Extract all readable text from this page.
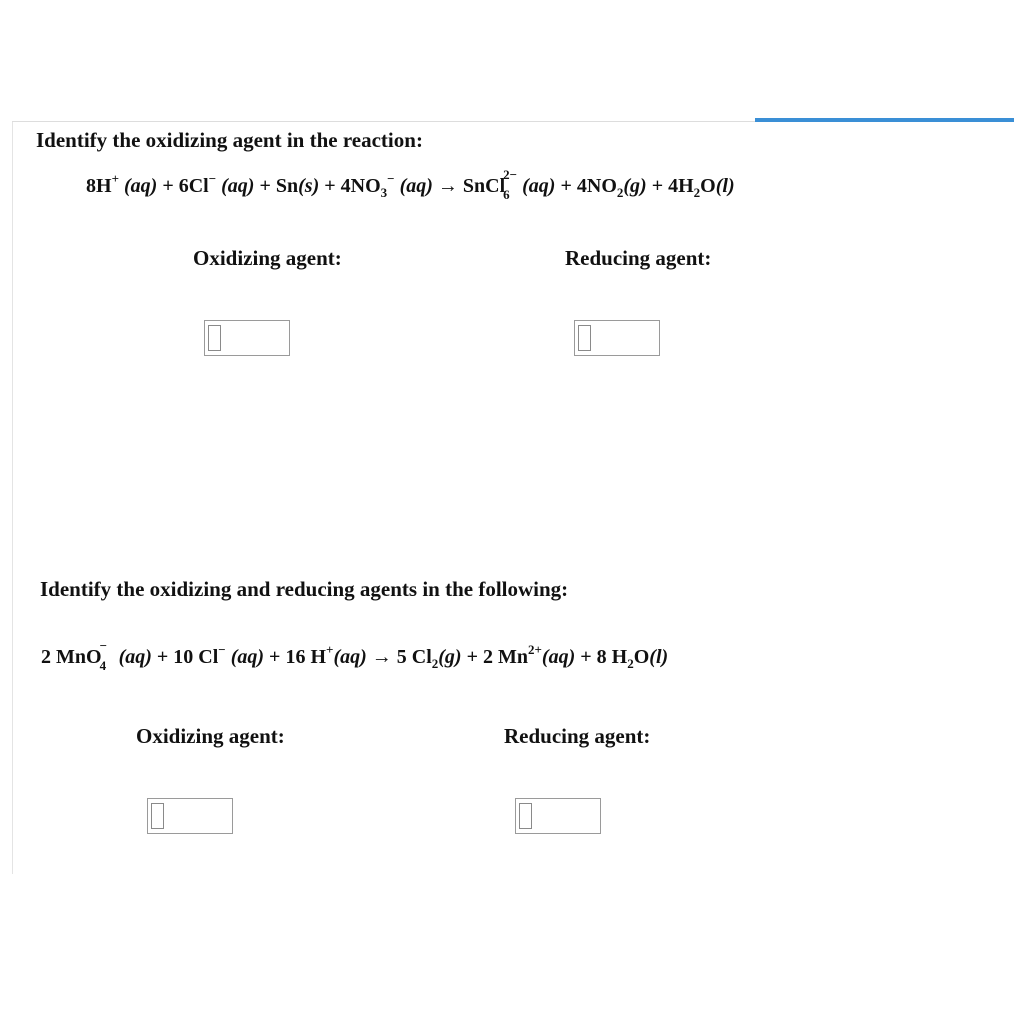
Identify the oxidizing agent in the reaction:
8H+ (aq) + 6Cl− $(aq) + Sn(s) + 4NO_3^-$ (aq) → SnCl
2−
6 $(aq) + 4NO_2(g) + 4H_2O(l)$
Oxidizing agent:	Reducing agent:
Identify the oxidizing and reducing agents in the following:
2 MnO
−
4 (aq) + 10 Cl− (aq) + 16 H+(aq) → 5 $Cl_2(g) + 2$ $Mn^{2+}(aq) + 8$ $H_2O(l)$
Oxidizing agent:	Reducing agent:
